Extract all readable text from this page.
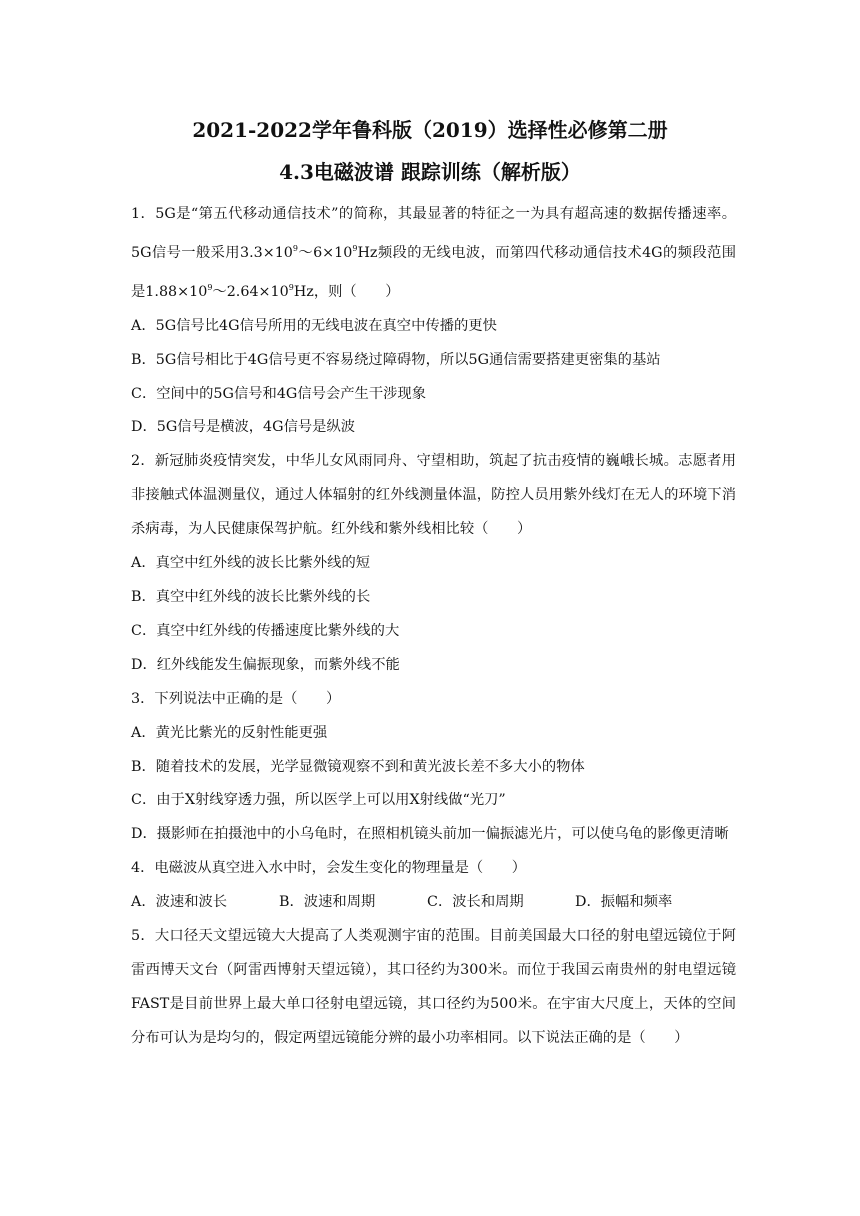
2021-2022学年鲁科版（2019）选择性必修第二册
4.3电磁波谱 跟踪训练（解析版）

1．5G是“第五代移动通信技术”的简称，其最显著的特征之一为具有超高速的数据传播速率。5G信号一般采用$3.3\times 10^9\sim 6\times 10^9Hz$频段的无线电波，而第四代移动通信技术4G的频段范围是$1.88\times 10^9\sim 2.64\times 10^9Hz$，则（　　）

A．5G信号比4G信号所用的无线电波在真空中传播的更快

B．5G信号相比于4G信号更不容易绕过障碍物，所以5G通信需要搭建更密集的基站

C．空间中的5G信号和4G信号会产生干涉现象

D．5G信号是横波，4G信号是纵波

2．新冠肺炎疫情突发，中华儿女风雨同舟、守望相助，筑起了抗击疫情的巍峨长城。志愿者用非接触式体温测量仪，通过人体辐射的红外线测量体温，防控人员用紫外线灯在无人的环境下消杀病毒，为人民健康保驾护航。红外线和紫外线相比较（　　）

A．真空中红外线的波长比紫外线的短

B．真空中红外线的波长比紫外线的长

C．真空中红外线的传播速度比紫外线的大

D．红外线能发生偏振现象，而紫外线不能

3．下列说法中正确的是（　　）

A．黄光比紫光的反射性能更强

B．随着技术的发展，光学显微镜观察不到和黄光波长差不多大小的物体

C．由于X射线穿透力强，所以医学上可以用X射线做“光刀”

D．摄影师在拍摄池中的小乌龟时，在照相机镜头前加一偏振滤光片，可以使乌龟的影像更清晰

4．电磁波从真空进入水中时，会发生变化的物理量是（　　）

A．波速和波长	B．波速和周期	C．波长和周期	D．振幅和频率

5．大口径天文望远镜大大提高了人类观测宇宙的范围。目前美国最大口径的射电望远镜位于阿雷西博天文台（阿雷西博射天望远镜），其口径约为300米。而位于我国云南贵州的射电望远镜FAST是目前世界上最大单口径射电望远镜，其口径约为500米。在宇宙大尺度上，天体的空间分布可认为是均匀的，假定两望远镜能分辨的最小功率相同。以下说法正确的是（　　）
